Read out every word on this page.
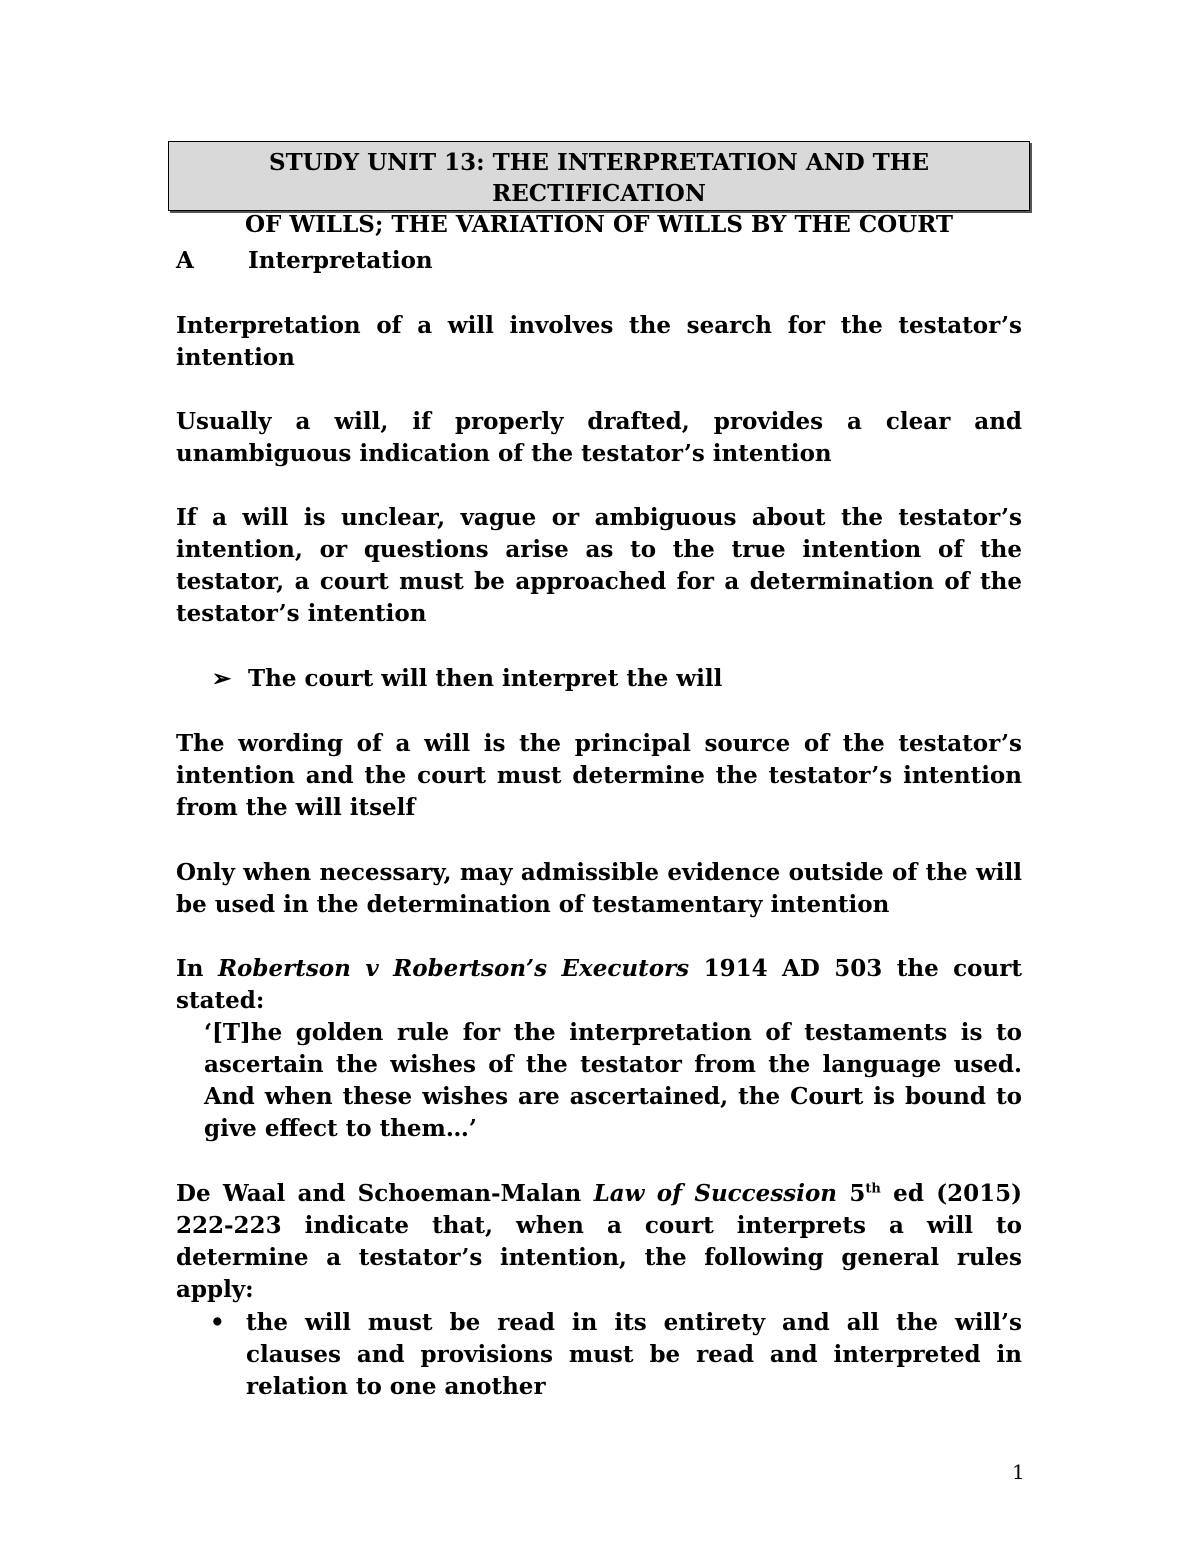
STUDY UNIT 13: THE INTERPRETATION AND THE RECTIFICATION
OF WILLS; THE VARIATION OF WILLS BY THE COURT
A Interpretation
Interpretation of a will involves the search for the testator’s intention
Usually a will, if properly drafted, provides a clear and unambiguous indication of the testator’s intention
If a will is unclear, vague or ambiguous about the testator’s intention, or questions arise as to the true intention of the testator, a court must be approached for a determination of the testator’s intention
➢ The court will then interpret the will
The wording of a will is the principal source of the testator’s intention and the court must determine the testator’s intention from the will itself
Only when necessary, may admissible evidence outside of the will be used in the determination of testamentary intention
In Robertson v Robertson’s Executors 1914 AD 503 the court stated:
‘[T]he golden rule for the interpretation of testaments is to ascertain the wishes of the testator from the language used. And when these wishes are ascertained, the Court is bound to give effect to them…’
De Waal and Schoeman-Malan Law of Succession 5th ed (2015) 222-223 indicate that, when a court interprets a will to determine a testator’s intention, the following general rules apply:
• the will must be read in its entirety and all the will’s clauses and provisions must be read and interpreted in relation to one another
1
